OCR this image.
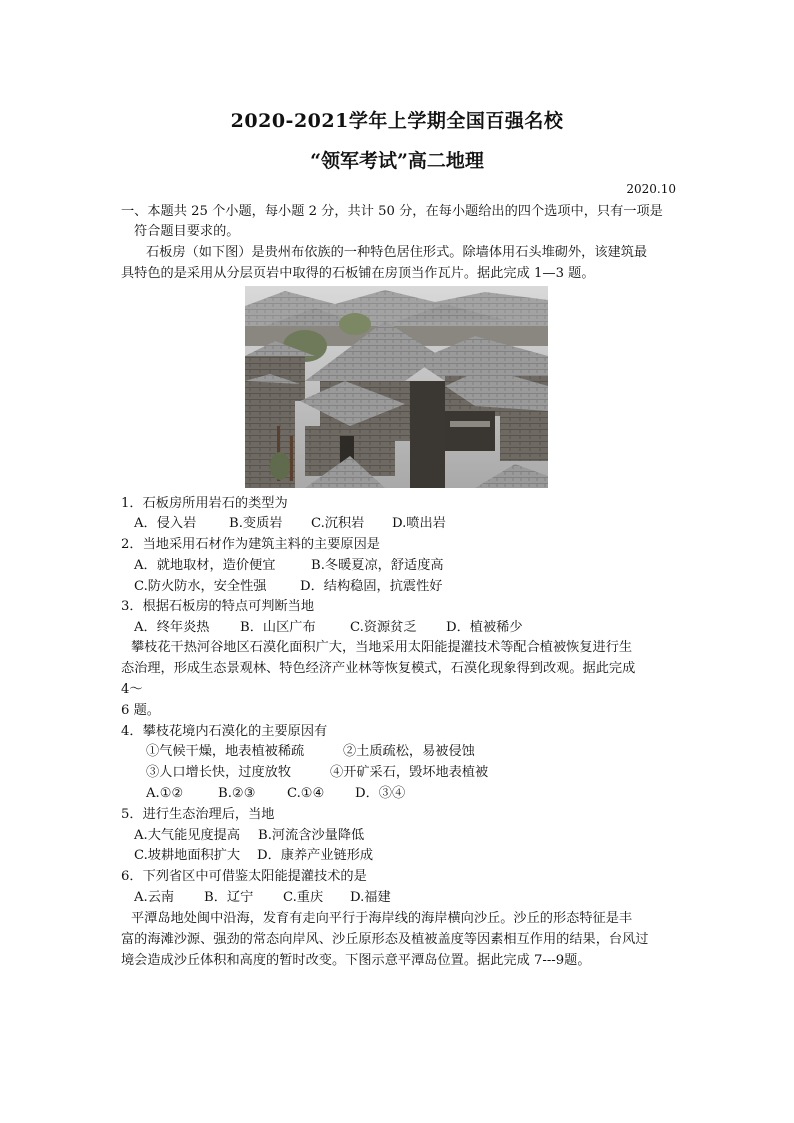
2020-2021学年上学期全国百强名校
“领军考试”高二地理
2020.10
一、本题共 25 个小题，每小题 2 分，共计 50 分，在每小题给出的四个选项中，只有一项是
符合题目要求的。
石板房（如下图）是贵州布依族的一种特色居住形式。除墙体用石头堆砌外，该建筑最
具特色的是采用从分层页岩中取得的石板铺在房顶当作瓦片。据此完成 1—3 题。
1．石板房所用岩石的类型为
A．侵入岩 B.变质岩 C.沉积岩 D.喷出岩
2．当地采用石材作为建筑主料的主要原因是
A．就地取材，造价便宜	B.冬暖夏凉，舒适度高
C.防火防水，安全性强	D．结构稳固，抗震性好
3．根据石板房的特点可判断当地
A．终年炎热 B．山区广布	C.资源贫乏 D．植被稀少
攀枝花干热河谷地区石漠化面积广大，当地采用太阳能提灌技术等配合植被恢复进行生
态治理，形成生态景观林、特色经济产业林等恢复模式，石漠化现象得到改观。据此完成
4～
6 题。
4．攀枝花境内石漠化的主要原因有
①气候干燥，地表植被稀疏	②土质疏松，易被侵蚀
③人口增长快，过度放牧	④开矿采石，毁坏地表植被
A.①②	B.②③ C.①④ D．③④
5．进行生态治理后，当地
A.大气能见度提高 B.河流含沙量降低
C.坡耕地面积扩大 D．康养产业链形成
6．下列省区中可借鉴太阳能提灌技术的是
A.云南 B．辽宁 C.重庆 D.福建
平潭岛地处闽中沿海，发育有走向平行于海岸线的海岸横向沙丘。沙丘的形态特征是丰
富的海滩沙源、强劲的常态向岸风、沙丘原形态及植被盖度等因素相互作用的结果，台风过
境会造成沙丘体积和高度的暂时改变。下图示意平潭岛位置。据此完成 7---9题。
